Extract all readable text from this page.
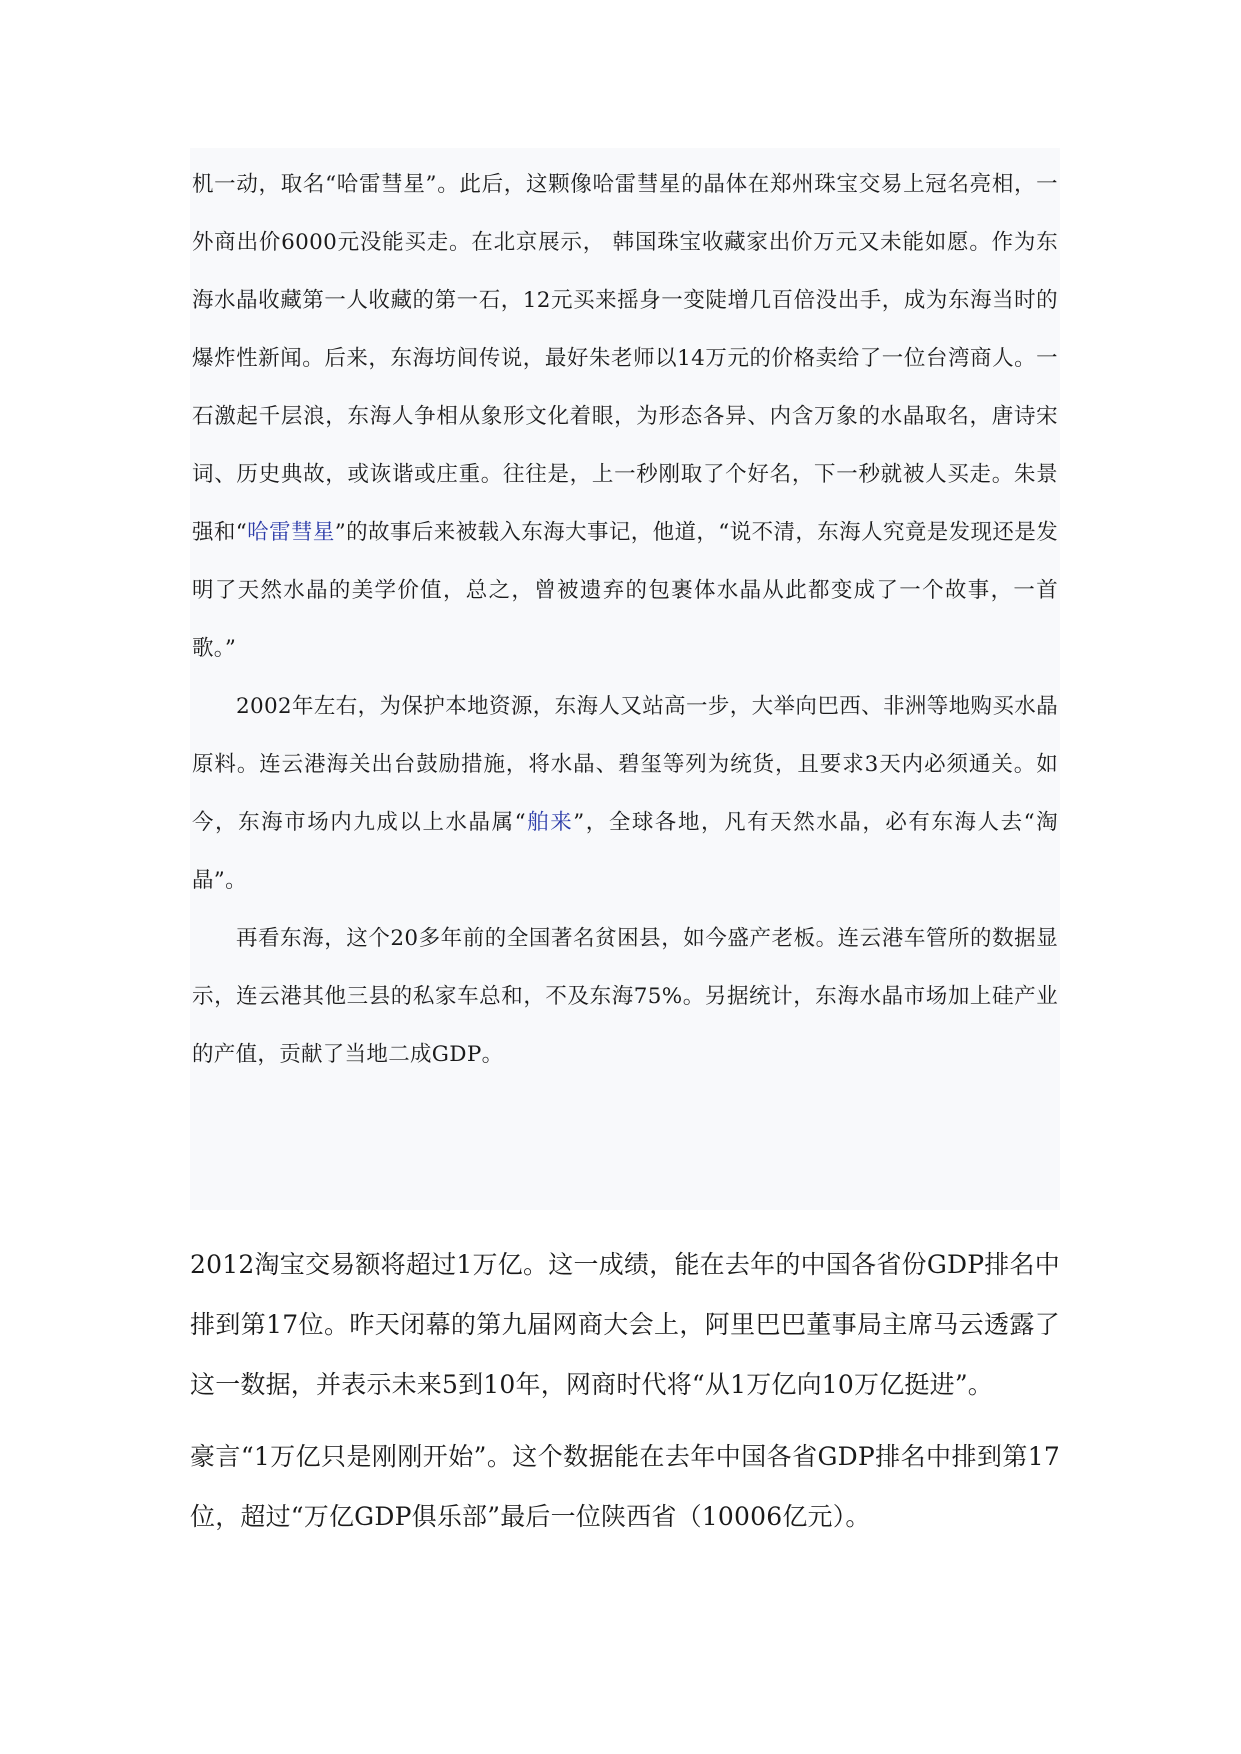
机一动，取名“哈雷彗星”。此后，这颗像哈雷彗星的晶体在郑州珠宝交易上冠名亮相，一外商出价6000元没能买走。在北京展示， 韩国珠宝收藏家出价万元又未能如愿。作为东海水晶收藏第一人收藏的第一石，12元买来摇身一变陡增几百倍没出手，成为东海当时的爆炸性新闻。后来，东海坊间传说，最好朱老师以14万元的价格卖给了一位台湾商人。一石激起千层浪，东海人争相从象形文化着眼，为形态各异、内含万象的水晶取名，唐诗宋词、历史典故，或诙谐或庄重。往往是，上一秒刚取了个好名，下一秒就被人买走。朱景强和“哈雷彗星”的故事后来被载入东海大事记，他道，“说不清，东海人究竟是发现还是发明了天然水晶的美学价值，总之，曾被遗弃的包裹体水晶从此都变成了一个故事，一首歌。”

2002年左右，为保护本地资源，东海人又站高一步，大举向巴西、非洲等地购买水晶原料。连云港海关出台鼓励措施，将水晶、碧玺等列为统货，且要求3天内必须通关。如今，东海市场内九成以上水晶属“舶来”，全球各地，凡有天然水晶，必有东海人去“淘晶”。

再看东海，这个20多年前的全国著名贫困县，如今盛产老板。连云港车管所的数据显示，连云港其他三县的私家车总和，不及东海75%。另据统计，东海水晶市场加上硅产业的产值，贡献了当地二成GDP。

2012淘宝交易额将超过1万亿。这一成绩，能在去年的中国各省份GDP排名中排到第17位。昨天闭幕的第九届网商大会上，阿里巴巴董事局主席马云透露了这一数据，并表示未来5到10年，网商时代将“从1万亿向10万亿挺进”。

豪言“1万亿只是刚刚开始”。这个数据能在去年中国各省GDP排名中排到第17位，超过“万亿GDP俱乐部”最后一位陕西省（10006亿元）。
